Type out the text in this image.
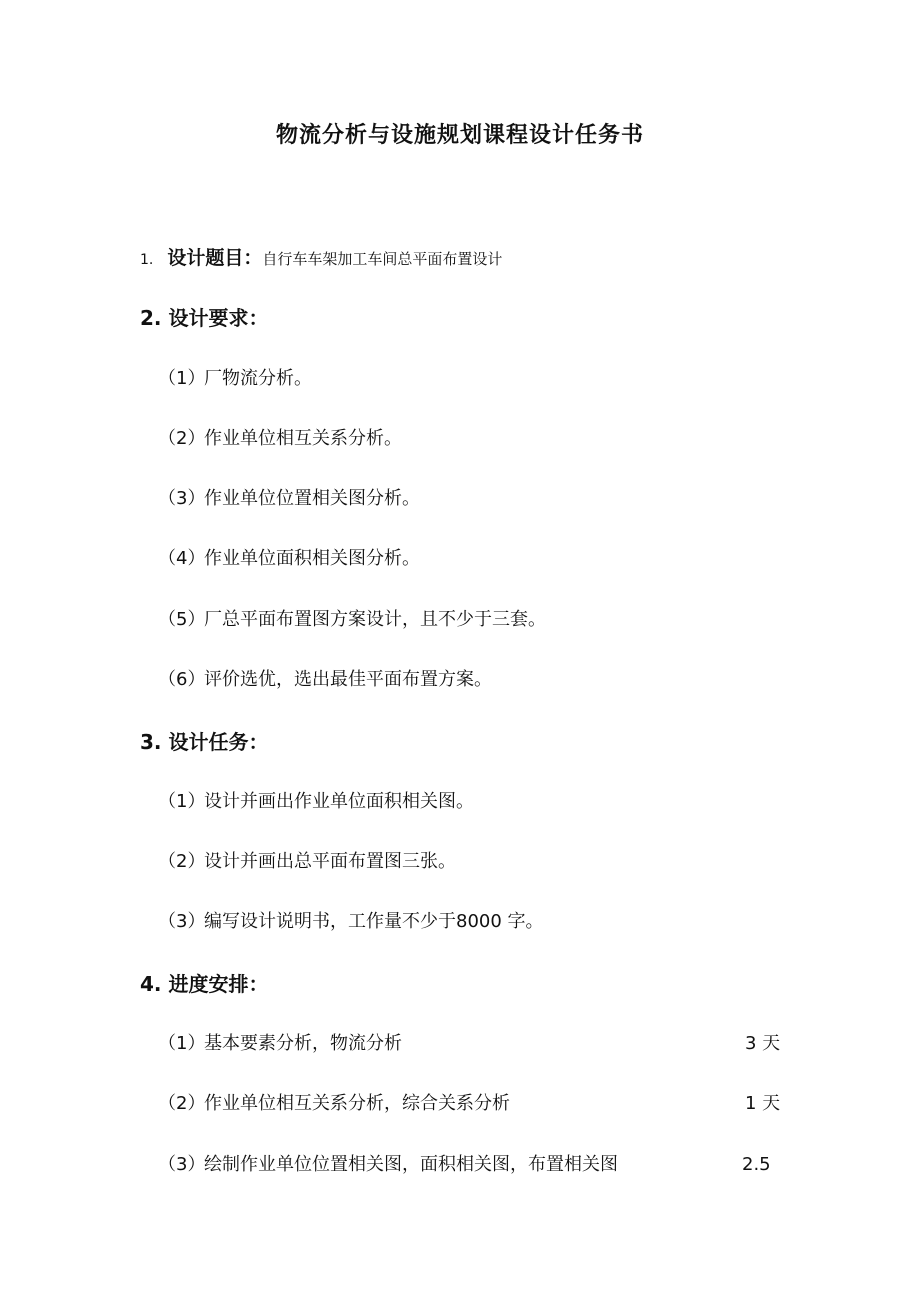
物流分析与设施规划课程设计任务书
1. 设计题目：自行车车架加工车间总平面布置设计
2. 设计要求：
（1）厂物流分析。
（2）作业单位相互关系分析。
（3）作业单位位置相关图分析。
（4）作业单位面积相关图分析。
（5）厂总平面布置图方案设计，且不少于三套。
（6）评价选优，选出最佳平面布置方案。
3. 设计任务：
（1）设计并画出作业单位面积相关图。
（2）设计并画出总平面布置图三张。
（3）编写设计说明书，工作量不少于8000 字。
4. 进度安排：
（1）基本要素分析，物流分析	3 天
（2）作业单位相互关系分析，综合关系分析	1 天
（3）绘制作业单位位置相关图，面积相关图，布置相关图	2.5
